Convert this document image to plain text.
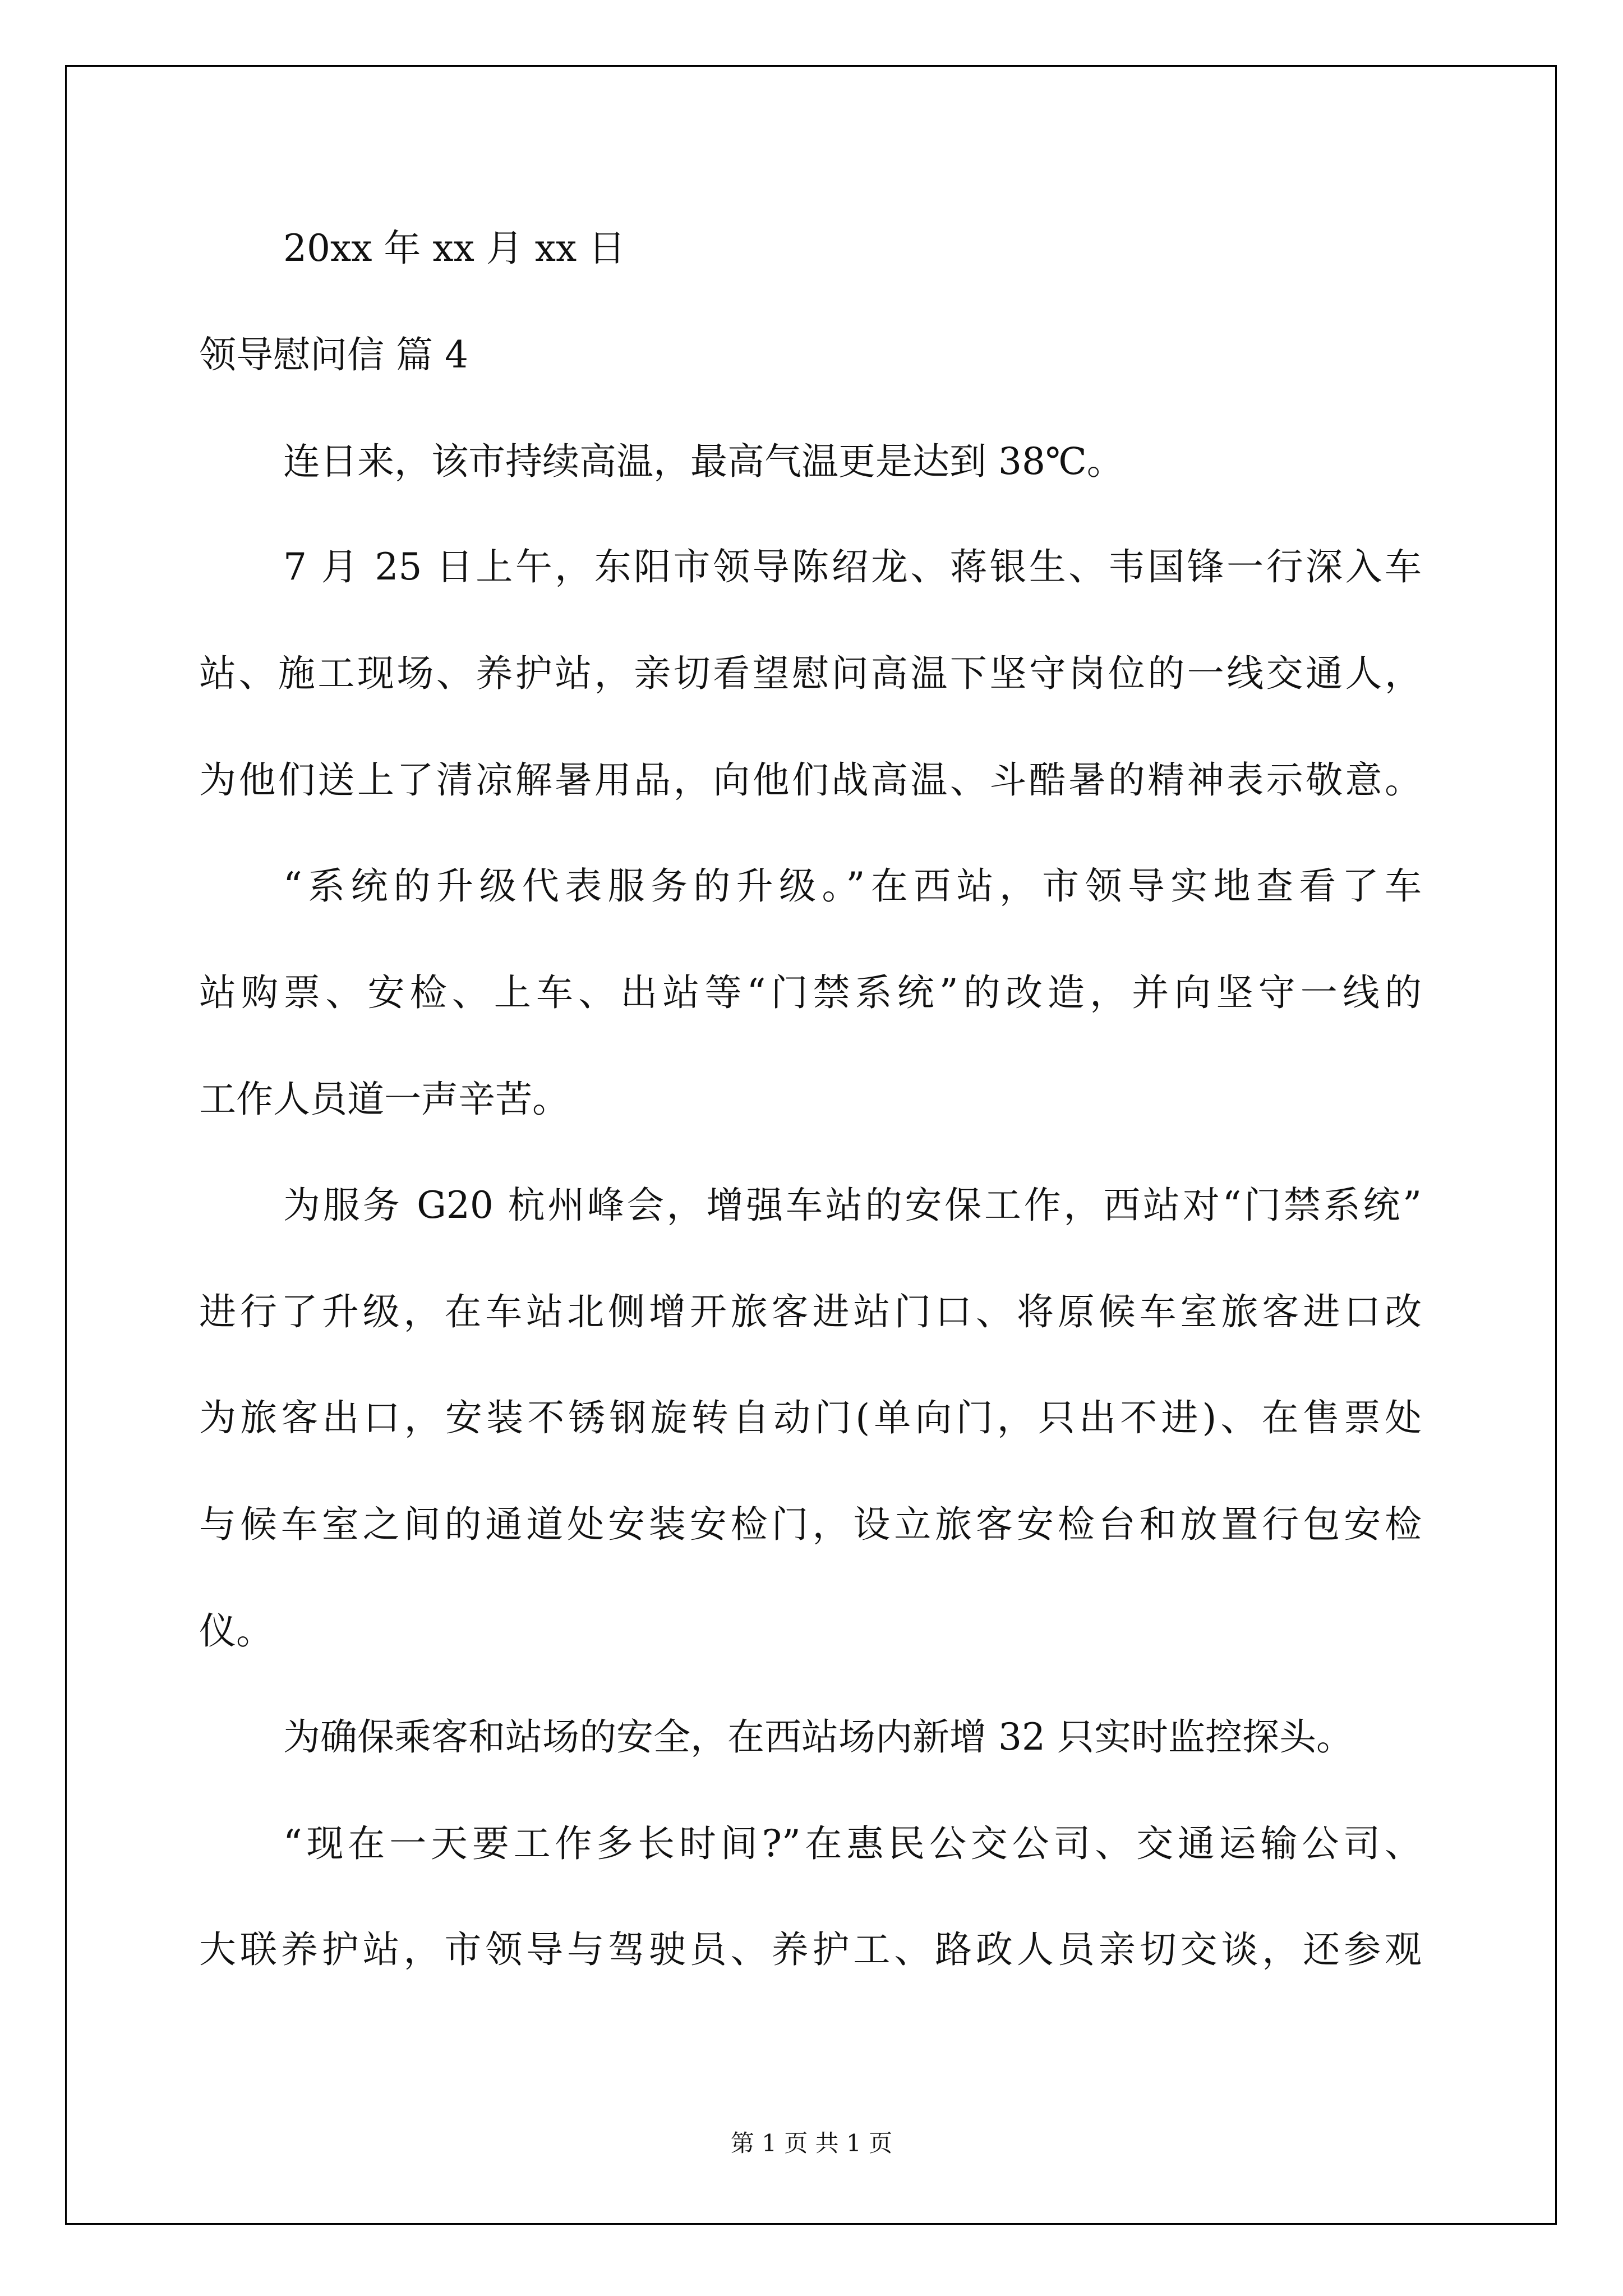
20xx 年 xx 月 xx 日
领导慰问信 篇 4
连日来，该市持续高温，最高气温更是达到 38℃。
7 月 25 日上午，东阳市领导陈绍龙、蒋银生、韦国锋一行深入车
站、施工现场、养护站，亲切看望慰问高温下坚守岗位的一线交通人，
为他们送上了清凉解暑用品，向他们战高温、斗酷暑的精神表示敬意。
“系统的升级代表服务的升级。”在西站，市领导实地查看了车
站购票、安检、上车、出站等“门禁系统”的改造，并向坚守一线的
工作人员道一声辛苦。
为服务 G20 杭州峰会，增强车站的安保工作，西站对“门禁系统”
进行了升级，在车站北侧增开旅客进站门口、将原候车室旅客进口改
为旅客出口，安装不锈钢旋转自动门(单向门，只出不进)、在售票处
与候车室之间的通道处安装安检门，设立旅客安检台和放置行包安检
仪。
为确保乘客和站场的安全，在西站场内新增 32 只实时监控探头。
“现在一天要工作多长时间?”在惠民公交公司、交通运输公司、
大联养护站，市领导与驾驶员、养护工、路政人员亲切交谈，还参观
第 1 页 共 1 页
